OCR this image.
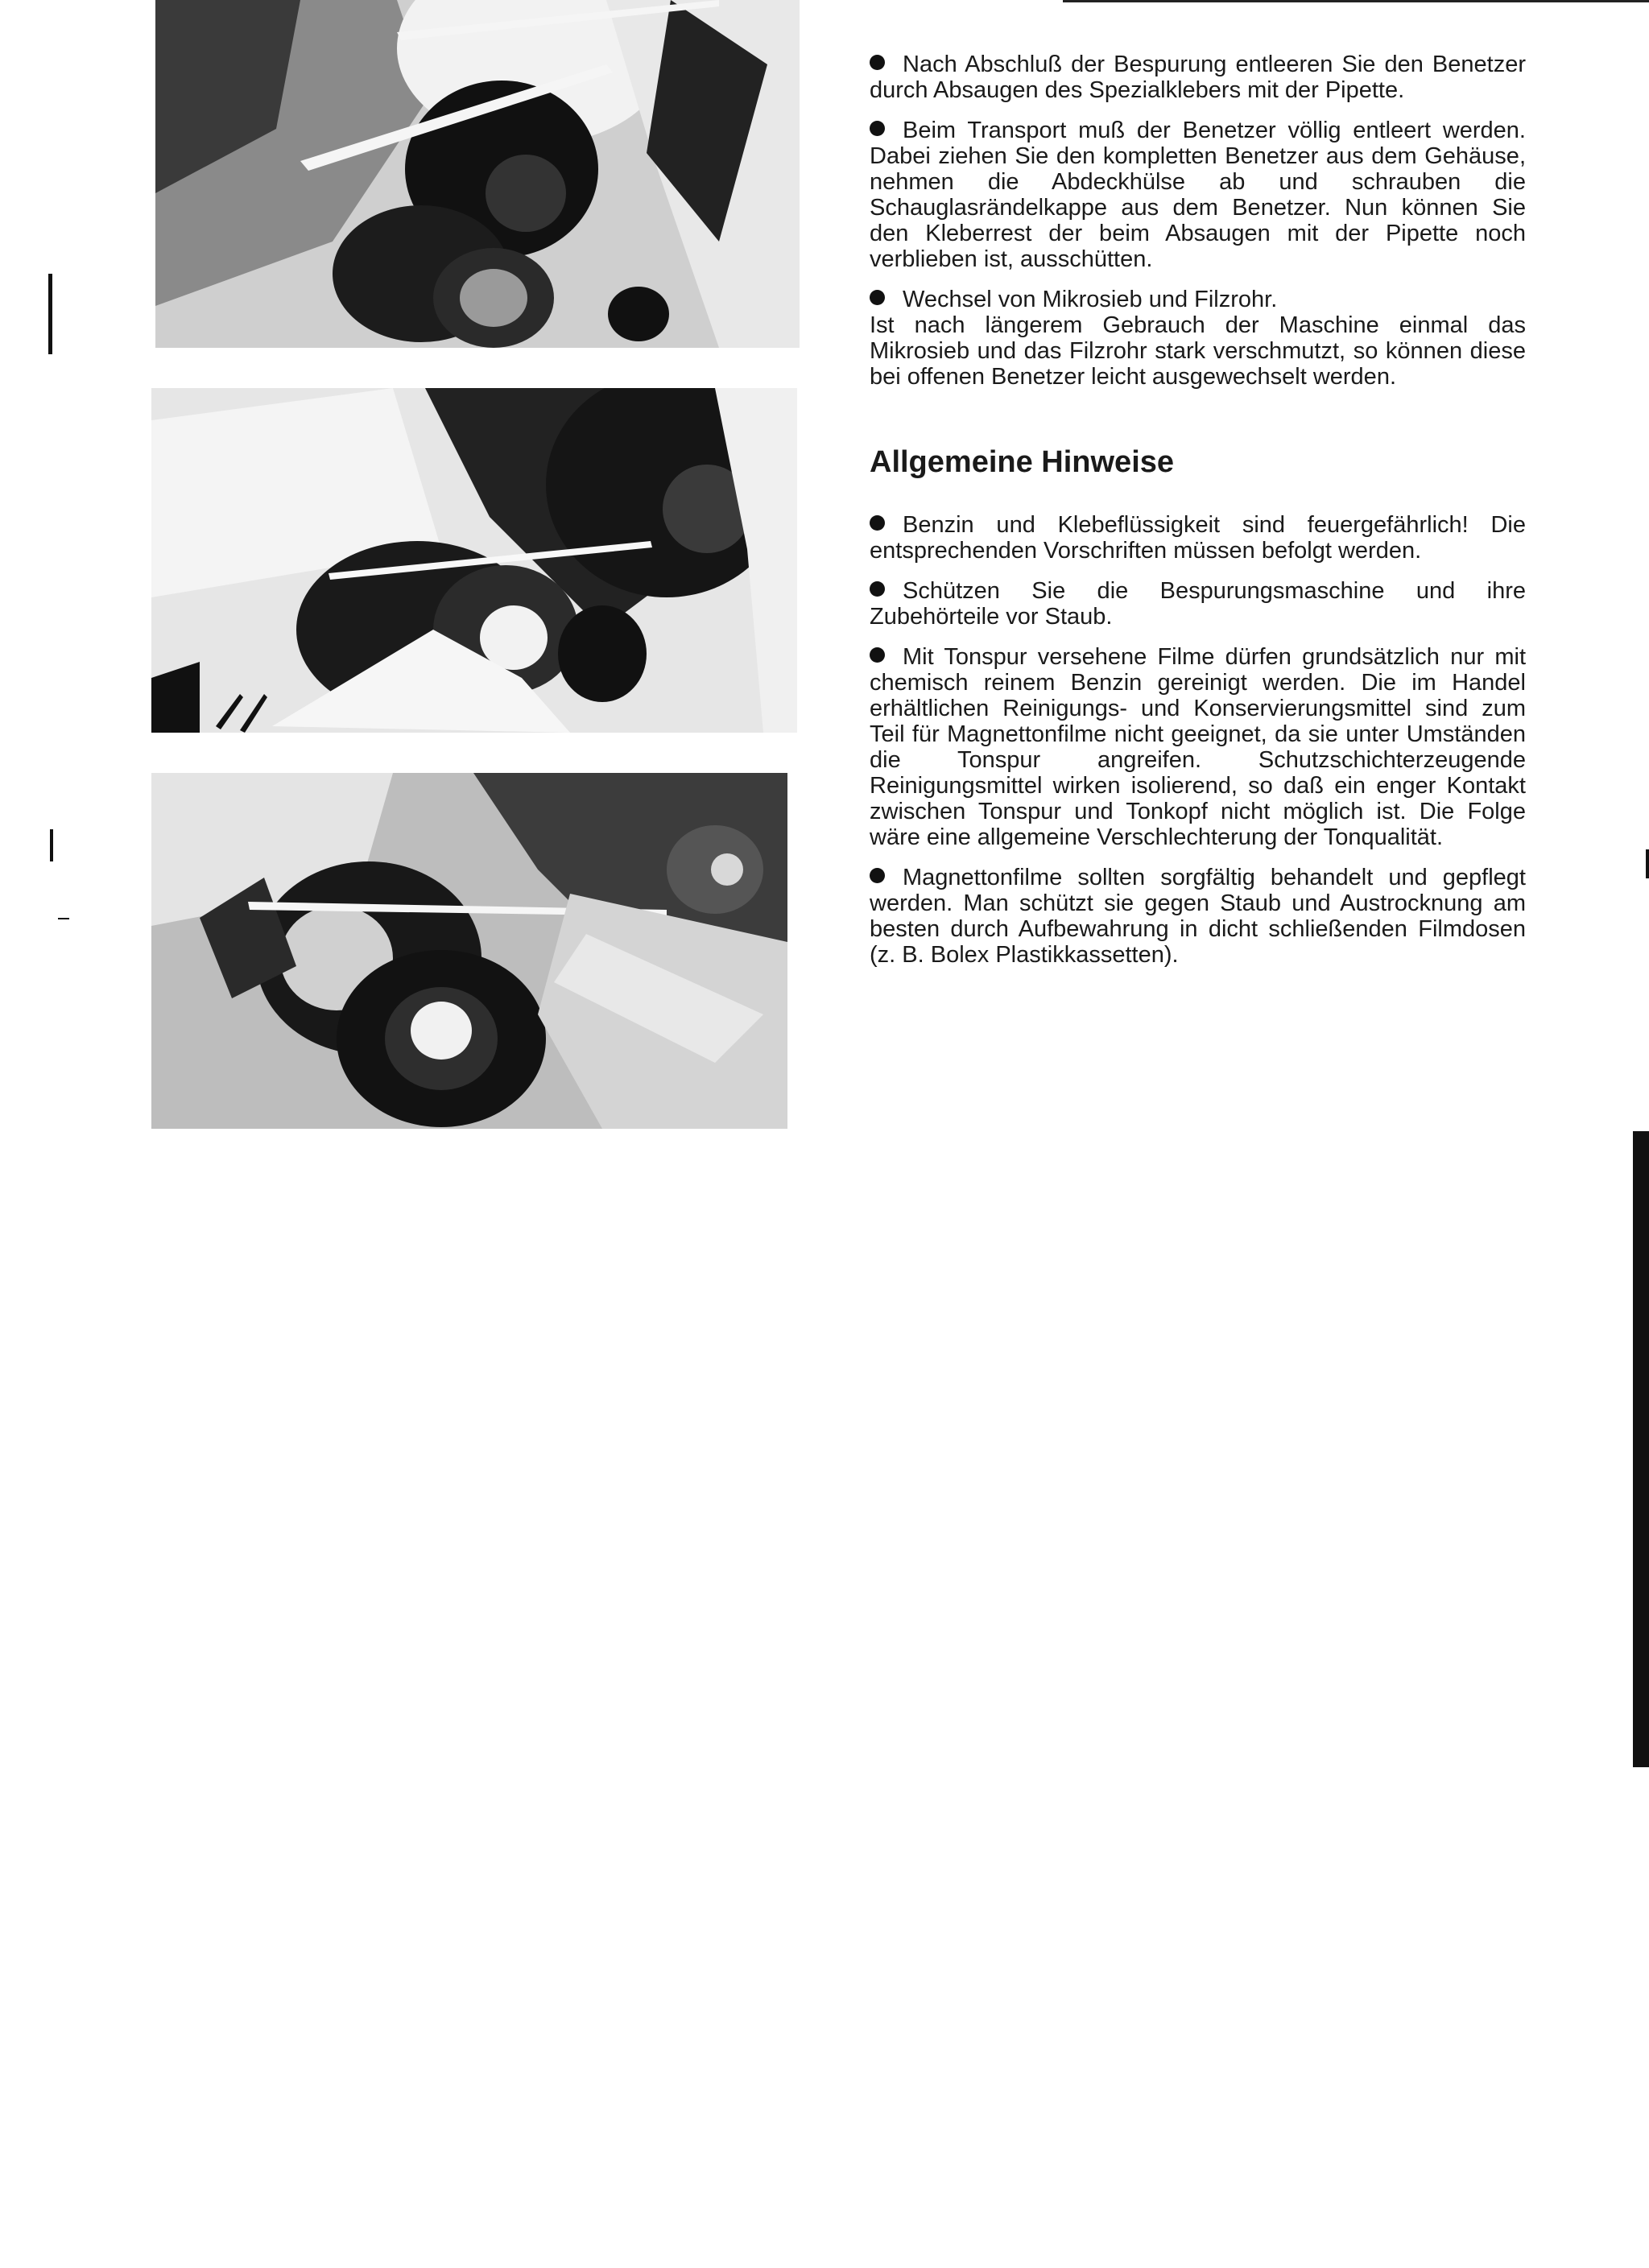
Nach Abschluß der Bespurung entleeren Sie den Benetzer durch Absaugen des Spezialklebers mit der Pipette.

Beim Transport muß der Benetzer völlig entleert werden. Dabei ziehen Sie den kompletten Benetzer aus dem Gehäuse, nehmen die Abdeckhülse ab und schrauben die Schauglasrändelkappe aus dem Benetzer. Nun können Sie den Kleberrest der beim Absaugen mit der Pipette noch verblieben ist, ausschütten.

Wechsel von Mikrosieb und Filzrohr.

Ist nach längerem Gebrauch der Maschine einmal das Mikrosieb und das Filzrohr stark verschmutzt, so können diese bei offenen Benetzer leicht ausgewechselt werden.

Allgemeine Hinweise

Benzin und Klebeflüssigkeit sind feuergefährlich! Die entsprechenden Vorschriften müssen befolgt werden.

Schützen Sie die Bespurungsmaschine und ihre Zubehörteile vor Staub.

Mit Tonspur versehene Filme dürfen grundsätzlich nur mit chemisch reinem Benzin gereinigt werden. Die im Handel erhältlichen Reinigungs- und Konservierungsmittel sind zum Teil für Magnettonfilme nicht geeignet, da sie unter Umständen die Tonspur angreifen. Schutzschichterzeugende Reinigungsmittel wirken isolierend, so daß ein enger Kontakt zwischen Tonspur und Tonkopf nicht möglich ist. Die Folge wäre eine allgemeine Verschlechterung der Tonqualität.

Magnettonfilme sollten sorgfältig behandelt und gepflegt werden. Man schützt sie gegen Staub und Austrocknung am besten durch Aufbewahrung in dicht schließenden Filmdosen (z. B. Bolex Plastikkassetten).
